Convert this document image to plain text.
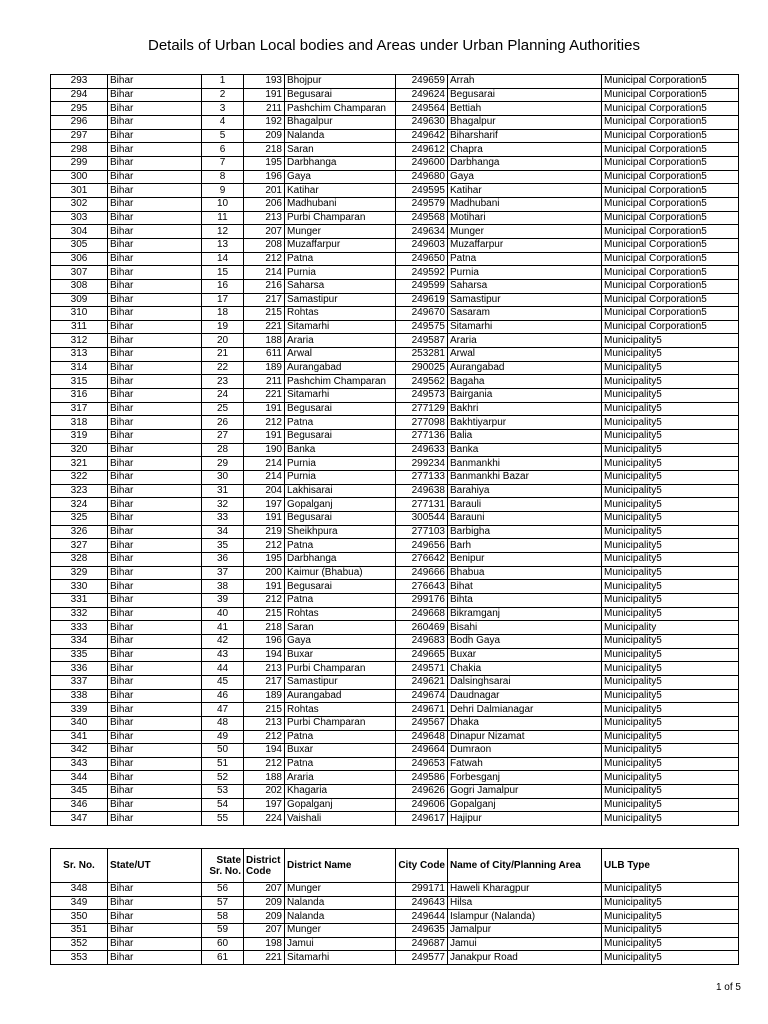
Details of Urban Local bodies and Areas under Urban Planning Authorities
293	Bihar	1	193	Bhojpur	249659	Arrah	Municipal Corporation5
294	Bihar	2	191	Begusarai	249624	Begusarai	Municipal Corporation5
295	Bihar	3	211	Pashchim Champaran	249564	Bettiah	Municipal Corporation5
296	Bihar	4	192	Bhagalpur	249630	Bhagalpur	Municipal Corporation5
297	Bihar	5	209	Nalanda	249642	Biharsharif	Municipal Corporation5
298	Bihar	6	218	Saran	249612	Chapra	Municipal Corporation5
299	Bihar	7	195	Darbhanga	249600	Darbhanga	Municipal Corporation5
300	Bihar	8	196	Gaya	249680	Gaya	Municipal Corporation5
301	Bihar	9	201	Katihar	249595	Katihar	Municipal Corporation5
302	Bihar	10	206	Madhubani	249579	Madhubani	Municipal Corporation5
303	Bihar	11	213	Purbi Champaran	249568	Motihari	Municipal Corporation5
304	Bihar	12	207	Munger	249634	Munger	Municipal Corporation5
305	Bihar	13	208	Muzaffarpur	249603	Muzaffarpur	Municipal Corporation5
306	Bihar	14	212	Patna	249650	Patna	Municipal Corporation5
307	Bihar	15	214	Purnia	249592	Purnia	Municipal Corporation5
308	Bihar	16	216	Saharsa	249599	Saharsa	Municipal Corporation5
309	Bihar	17	217	Samastipur	249619	Samastipur	Municipal Corporation5
310	Bihar	18	215	Rohtas	249670	Sasaram	Municipal Corporation5
311	Bihar	19	221	Sitamarhi	249575	Sitamarhi	Municipal Corporation5
312	Bihar	20	188	Araria	249587	Araria	Municipality5
313	Bihar	21	611	Arwal	253281	Arwal	Municipality5
314	Bihar	22	189	Aurangabad	290025	Aurangabad	Municipality5
315	Bihar	23	211	Pashchim Champaran	249562	Bagaha	Municipality5
316	Bihar	24	221	Sitamarhi	249573	Bairgania	Municipality5
317	Bihar	25	191	Begusarai	277129	Bakhri	Municipality5
318	Bihar	26	212	Patna	277098	Bakhtiyarpur	Municipality5
319	Bihar	27	191	Begusarai	277136	Balia	Municipality5
320	Bihar	28	190	Banka	249633	Banka	Municipality5
321	Bihar	29	214	Purnia	299234	Banmankhi	Municipality5
322	Bihar	30	214	Purnia	277133	Banmankhi Bazar	Municipality5
323	Bihar	31	204	Lakhisarai	249638	Barahiya	Municipality5
324	Bihar	32	197	Gopalganj	277131	Barauli	Municipality5
325	Bihar	33	191	Begusarai	300544	Barauni	Municipality5
326	Bihar	34	219	Sheikhpura	277103	Barbigha	Municipality5
327	Bihar	35	212	Patna	249656	Barh	Municipality5
328	Bihar	36	195	Darbhanga	276642	Benipur	Municipality5
329	Bihar	37	200	Kaimur (Bhabua)	249666	Bhabua	Municipality5
330	Bihar	38	191	Begusarai	276643	Bihat	Municipality5
331	Bihar	39	212	Patna	299176	Bihta	Municipality5
332	Bihar	40	215	Rohtas	249668	Bikramganj	Municipality5
333	Bihar	41	218	Saran	260469	Bisahi	Municipality
334	Bihar	42	196	Gaya	249683	Bodh Gaya	Municipality5
335	Bihar	43	194	Buxar	249665	Buxar	Municipality5
336	Bihar	44	213	Purbi Champaran	249571	Chakia	Municipality5
337	Bihar	45	217	Samastipur	249621	Dalsinghsarai	Municipality5
338	Bihar	46	189	Aurangabad	249674	Daudnagar	Municipality5
339	Bihar	47	215	Rohtas	249671	Dehri Dalmianagar	Municipality5
340	Bihar	48	213	Purbi Champaran	249567	Dhaka	Municipality5
341	Bihar	49	212	Patna	249648	Dinapur Nizamat	Municipality5
342	Bihar	50	194	Buxar	249664	Dumraon	Municipality5
343	Bihar	51	212	Patna	249653	Fatwah	Municipality5
344	Bihar	52	188	Araria	249586	Forbesganj	Municipality5
345	Bihar	53	202	Khagaria	249626	Gogri Jamalpur	Municipality5
346	Bihar	54	197	Gopalganj	249606	Gopalganj	Municipality5
347	Bihar	55	224	Vaishali	249617	Hajipur	Municipality5
Sr. No.	State/UT	State Sr. No.	District Code	District Name	City Code	Name of City/Planning Area	ULB Type
348	Bihar	56	207	Munger	299171	Haweli Kharagpur	Municipality5
349	Bihar	57	209	Nalanda	249643	Hilsa	Municipality5
350	Bihar	58	209	Nalanda	249644	Islampur (Nalanda)	Municipality5
351	Bihar	59	207	Munger	249635	Jamalpur	Municipality5
352	Bihar	60	198	Jamui	249687	Jamui	Municipality5
353	Bihar	61	221	Sitamarhi	249577	Janakpur Road	Municipality5
1 of 5
